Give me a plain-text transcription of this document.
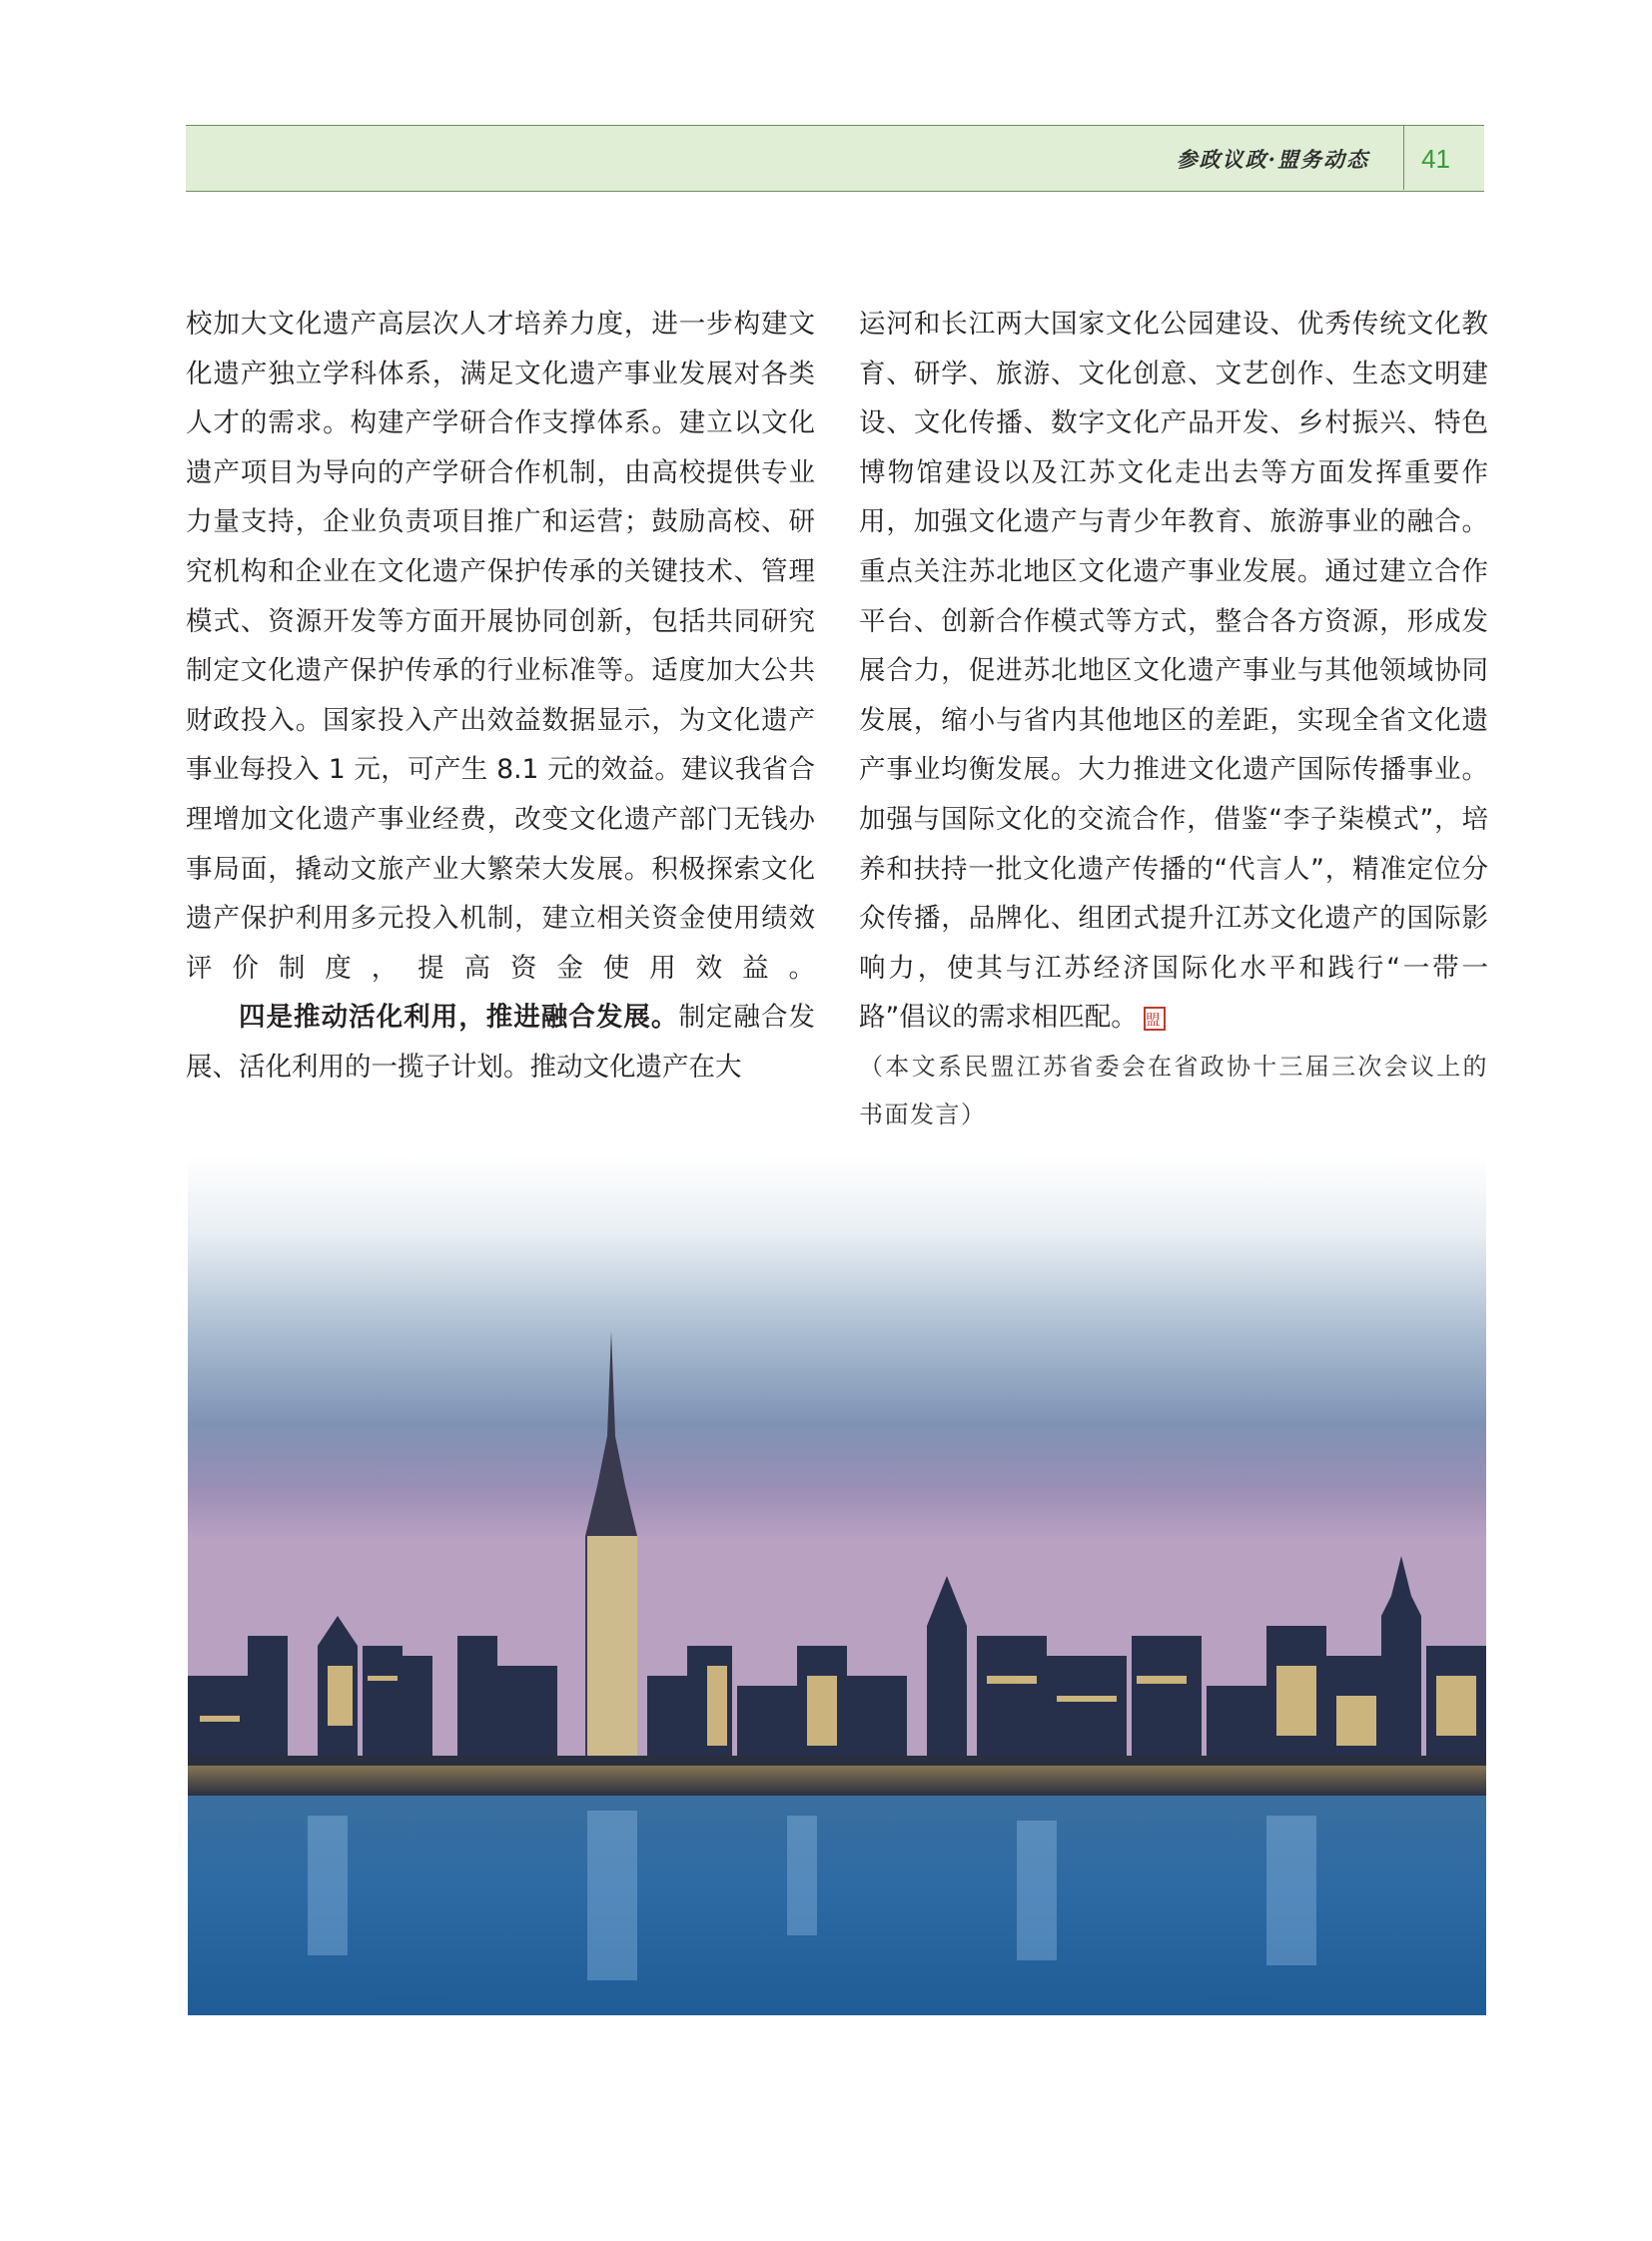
参政议政·盟务动态 41

校加大文化遗产高层次人才培养力度，进一步构建文化遗产独立学科体系，满足文化遗产事业发展对各类人才的需求。构建产学研合作支撑体系。建立以文化遗产项目为导向的产学研合作机制，由高校提供专业力量支持，企业负责项目推广和运营；鼓励高校、研究机构和企业在文化遗产保护传承的关键技术、管理模式、资源开发等方面开展协同创新，包括共同研究制定文化遗产保护传承的行业标准等。适度加大公共财政投入。国家投入产出效益数据显示，为文化遗产事业每投入 1 元，可产生 8.1 元的效益。建议我省合理增加文化遗产事业经费，改变文化遗产部门无钱办事局面，撬动文旅产业大繁荣大发展。积极探索文化遗产保护利用多元投入机制，建立相关资金使用绩效评价制度，提高资金使用效益。

四是推动活化利用，推进融合发展。制定融合发展、活化利用的一揽子计划。推动文化遗产在大

运河和长江两大国家文化公园建设、优秀传统文化教育、研学、旅游、文化创意、文艺创作、生态文明建设、文化传播、数字文化产品开发、乡村振兴、特色博物馆建设以及江苏文化走出去等方面发挥重要作用，加强文化遗产与青少年教育、旅游事业的融合。重点关注苏北地区文化遗产事业发展。通过建立合作平台、创新合作模式等方式，整合各方资源，形成发展合力，促进苏北地区文化遗产事业与其他领域协同发展，缩小与省内其他地区的差距，实现全省文化遗产事业均衡发展。大力推进文化遗产国际传播事业。加强与国际文化的交流合作，借鉴“李子柒模式”，培养和扶持一批文化遗产传播的“代言人”，精准定位分众传播，品牌化、组团式提升江苏文化遗产的国际影响力，使其与江苏经济国际化水平和践行“一带一路”倡议的需求相匹配。 盟

（本文系民盟江苏省委会在省政协十三届三次会议上的书面发言）
